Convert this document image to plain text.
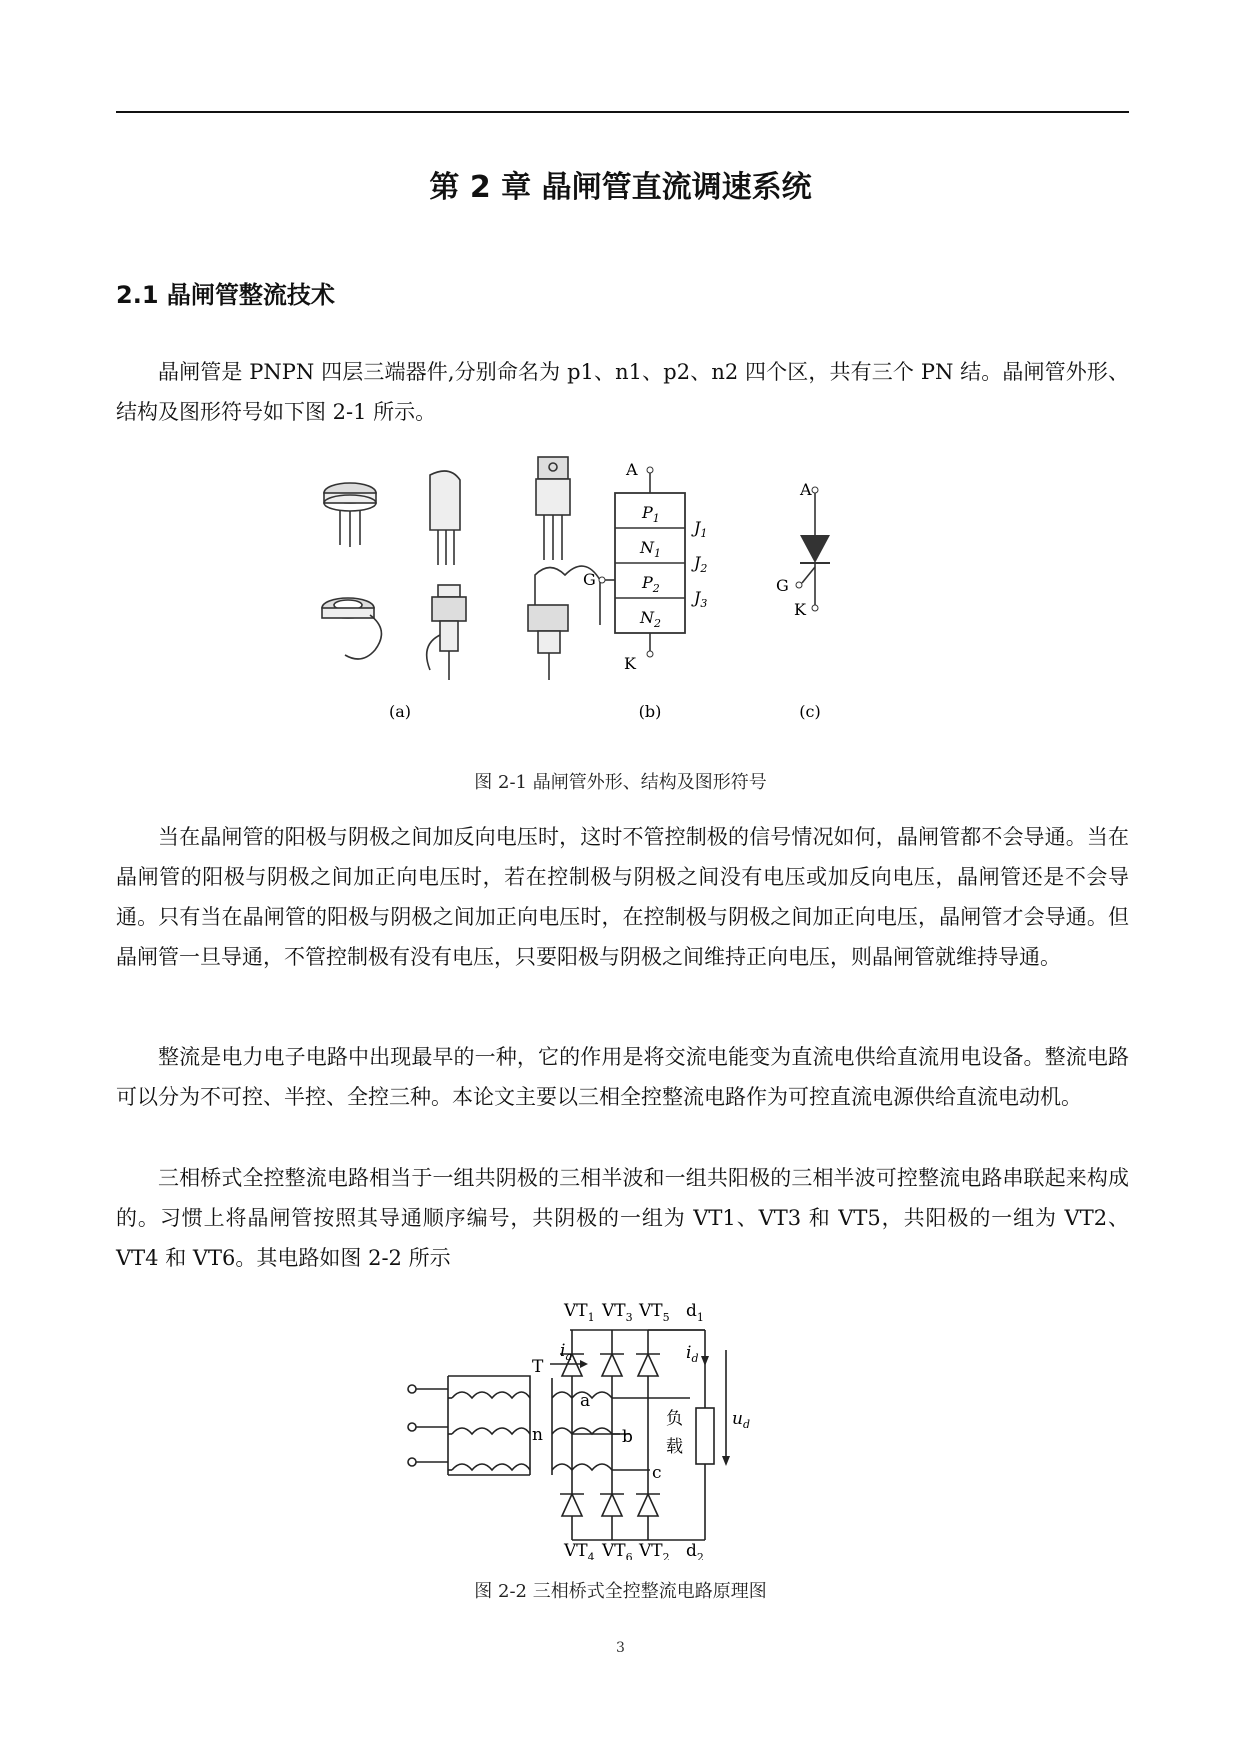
第 2 章 晶闸管直流调速系统
2.1 晶闸管整流技术

晶闸管是 PNPN 四层三端器件,分别命名为 p1、n1、p2、n2 四个区，共有三个 PN 结。晶闸管外形、结构及图形符号如下图 2-1 所示。

(a)
A
$P_1$
$N_1$
$P_2$
$N_2$
$J_1$
$J_2$
$J_3$
G
K
(b)
A
G
K
(c)
图 2-1 晶闸管外形、结构及图形符号

当在晶闸管的阳极与阴极之间加反向电压时，这时不管控制极的信号情况如何，晶闸管都不会导通。当在晶闸管的阳极与阴极之间加正向电压时，若在控制极与阴极之间没有电压或加反向电压，晶闸管还是不会导通。只有当在晶闸管的阳极与阴极之间加正向电压时，在控制极与阴极之间加正向电压，晶闸管才会导通。但晶闸管一旦导通，不管控制极有没有电压，只要阳极与阴极之间维持正向电压，则晶闸管就维持导通。

整流是电力电子电路中出现最早的一种，它的作用是将交流电能变为直流电供给直流用电设备。整流电路可以分为不可控、半控、全控三种。本论文主要以三相全控整流电路作为可控直流电源供给直流电动机。

三相桥式全控整流电路相当于一组共阴极的三相半波和一组共阳极的三相半波可控整流电路串联起来构成的。习惯上将晶闸管按照其导通顺序编号，共阴极的一组为 VT1、VT3 和 VT5，共阳极的一组为 VT2、VT4 和 VT6。其电路如图 2-2 所示

$VT_1$ $VT_3$ $VT_5$ $d_1$
$VT_4$ $VT_6$ $VT_2$ $d_2$
T
n
a
b
c
$i_a$	$i_d$
$u_d$
负
载
图 2-2 三相桥式全控整流电路原理图
3
